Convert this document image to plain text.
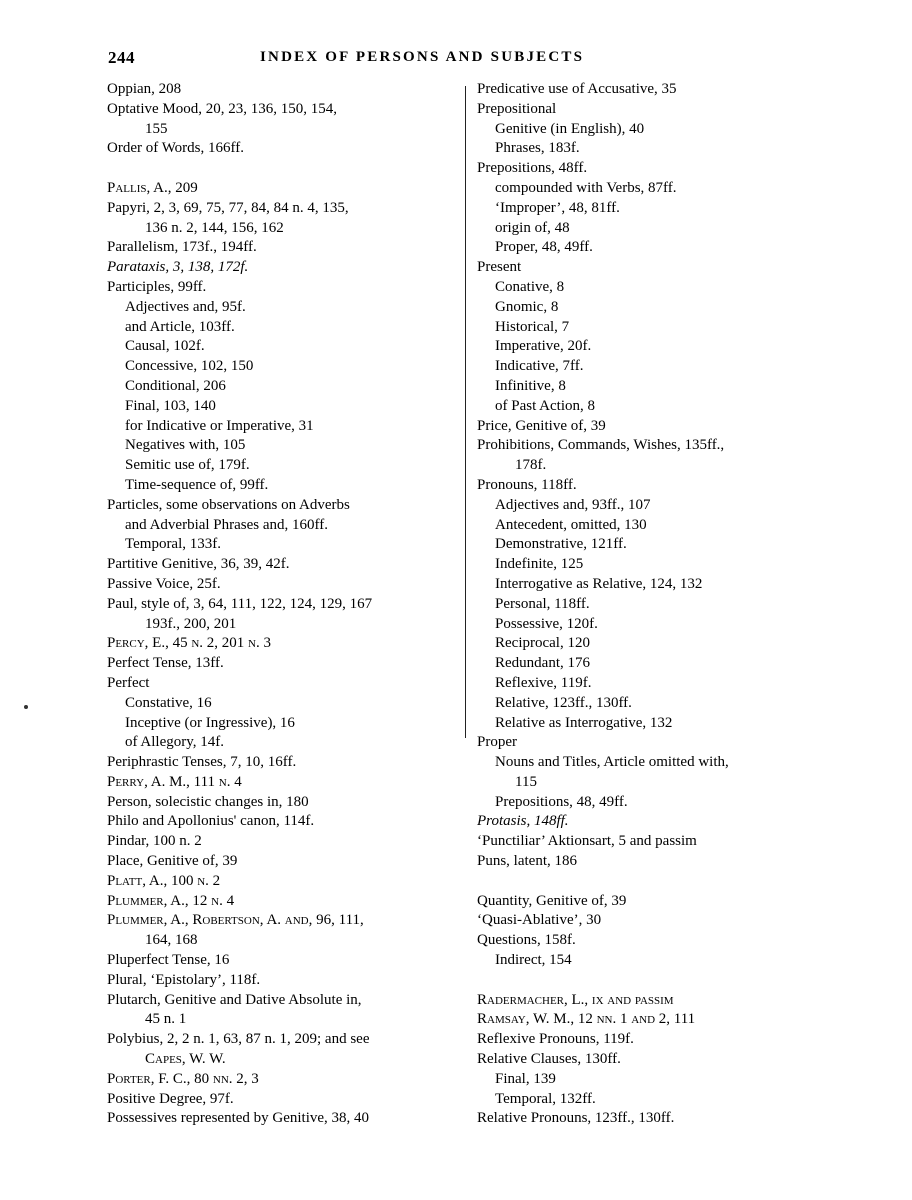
244	INDEX OF PERSONS AND SUBJECTS
Oppian, 208
Optative Mood, 20, 23, 136, 150, 154,
155
Order of Words, 166ff.
Pallis, A., 209
Papyri, 2, 3, 69, 75, 77, 84, 84 n. 4, 135,
136 n. 2, 144, 156, 162
Parallelism, 173f., 194ff.
Parataxis, 3, 138, 172f.
Participles, 99ff.
Adjectives and, 95f.
and Article, 103ff.
Causal, 102f.
Concessive, 102, 150
Conditional, 206
Final, 103, 140
for Indicative or Imperative, 31
Negatives with, 105
Semitic use of, 179f.
Time-sequence of, 99ff.
Particles, some observations on Adverbs
and Adverbial Phrases and, 160ff.
Temporal, 133f.
Partitive Genitive, 36, 39, 42f.
Passive Voice, 25f.
Paul, style of, 3, 64, 111, 122, 124, 129, 167
193f., 200, 201
Percy, E., 45 n. 2, 201 n. 3
Perfect Tense, 13ff.
Perfect
Constative, 16
Inceptive (or Ingressive), 16
of Allegory, 14f.
Periphrastic Tenses, 7, 10, 16ff.
Perry, A. M., 111 n. 4
Person, solecistic changes in, 180
Philo and Apollonius' canon, 114f.
Pindar, 100 n. 2
Place, Genitive of, 39
Platt, A., 100 n. 2
Plummer, A., 12 n. 4
Plummer, A., Robertson, A. and, 96, 111,
164, 168
Pluperfect Tense, 16
Plural, ‘Epistolary’, 118f.
Plutarch, Genitive and Dative Absolute in,
45 n. 1
Polybius, 2, 2 n. 1, 63, 87 n. 1, 209; and see
Capes, W. W.
Porter, F. C., 80 nn. 2, 3
Positive Degree, 97f.
Possessives represented by Genitive, 38, 40
Predicative use of Accusative, 35
Prepositional
Genitive (in English), 40
Phrases, 183f.
Prepositions, 48ff.
compounded with Verbs, 87ff.
‘Improper’, 48, 81ff.
origin of, 48
Proper, 48, 49ff.
Present
Conative, 8
Gnomic, 8
Historical, 7
Imperative, 20f.
Indicative, 7ff.
Infinitive, 8
of Past Action, 8
Price, Genitive of, 39
Prohibitions, Commands, Wishes, 135ff.,
178f.
Pronouns, 118ff.
Adjectives and, 93ff., 107
Antecedent, omitted, 130
Demonstrative, 121ff.
Indefinite, 125
Interrogative as Relative, 124, 132
Personal, 118ff.
Possessive, 120f.
Reciprocal, 120
Redundant, 176
Reflexive, 119f.
Relative, 123ff., 130ff.
Relative as Interrogative, 132
Proper
Nouns and Titles, Article omitted with,
115
Prepositions, 48, 49ff.
Protasis, 148ff.
‘Punctiliar’ Aktionsart, 5 and passim
Puns, latent, 186
Quantity, Genitive of, 39
‘Quasi-Ablative’, 30
Questions, 158f.
Indirect, 154
Radermacher, L., ix and passim
Ramsay, W. M., 12 nn. 1 and 2, 111
Reflexive Pronouns, 119f.
Relative Clauses, 130ff.
Final, 139
Temporal, 132ff.
Relative Pronouns, 123ff., 130ff.
